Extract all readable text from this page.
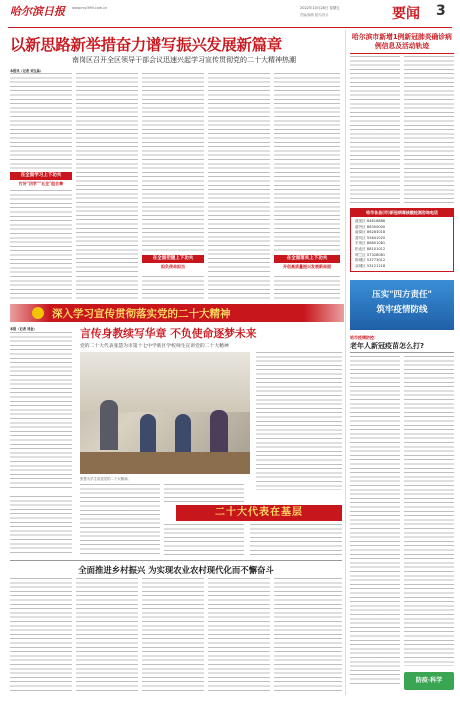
哈尔滨日报 www.my399.com.cn	2022年10月28日 星期五
责编/编辑 版式/设计	要闻 3
以新思路新举措奋力谱写振兴发展新篇章
南岗区召开全区领导干部会议迅速兴起学习宣传贯彻党的二十大精神热潮
本报讯（记者 刘玉晶）
在全面学习上下功夫
打好"四学""五全"组合拳
在全面把握上下功夫
担负使命担当
在全面落实上下功夫
开创高质量振兴发展新局面
哈尔滨市新增1例新冠肺炎确诊病例信息及活动轨迹
哈市各县(市)新冠病毒核酸检测咨询电话
道里区 84616886
道外区 88350000
南岗区 86283018
香坊区 55641020
平房区 86801081
松北区 88101012
呼兰区 57328081
阿城区 53773012
双城区 53121218
压实"四方责任"
筑牢疫情防线
哈市疫情防控：
老年人新冠疫苗怎么打?
防疫·科学
深入学习宣传贯彻落实党的二十大精神
本报（记者 刘金）	言传身教续写华章 不负使命逐梦未来
党的二十大代表张慧为市第十七中学新区学校师生宣讲党的二十大精神
张慧为学生讲述党的二十大精神。
二十大代表在基层
全面推进乡村振兴 为实现农业农村现代化而不懈奋斗
